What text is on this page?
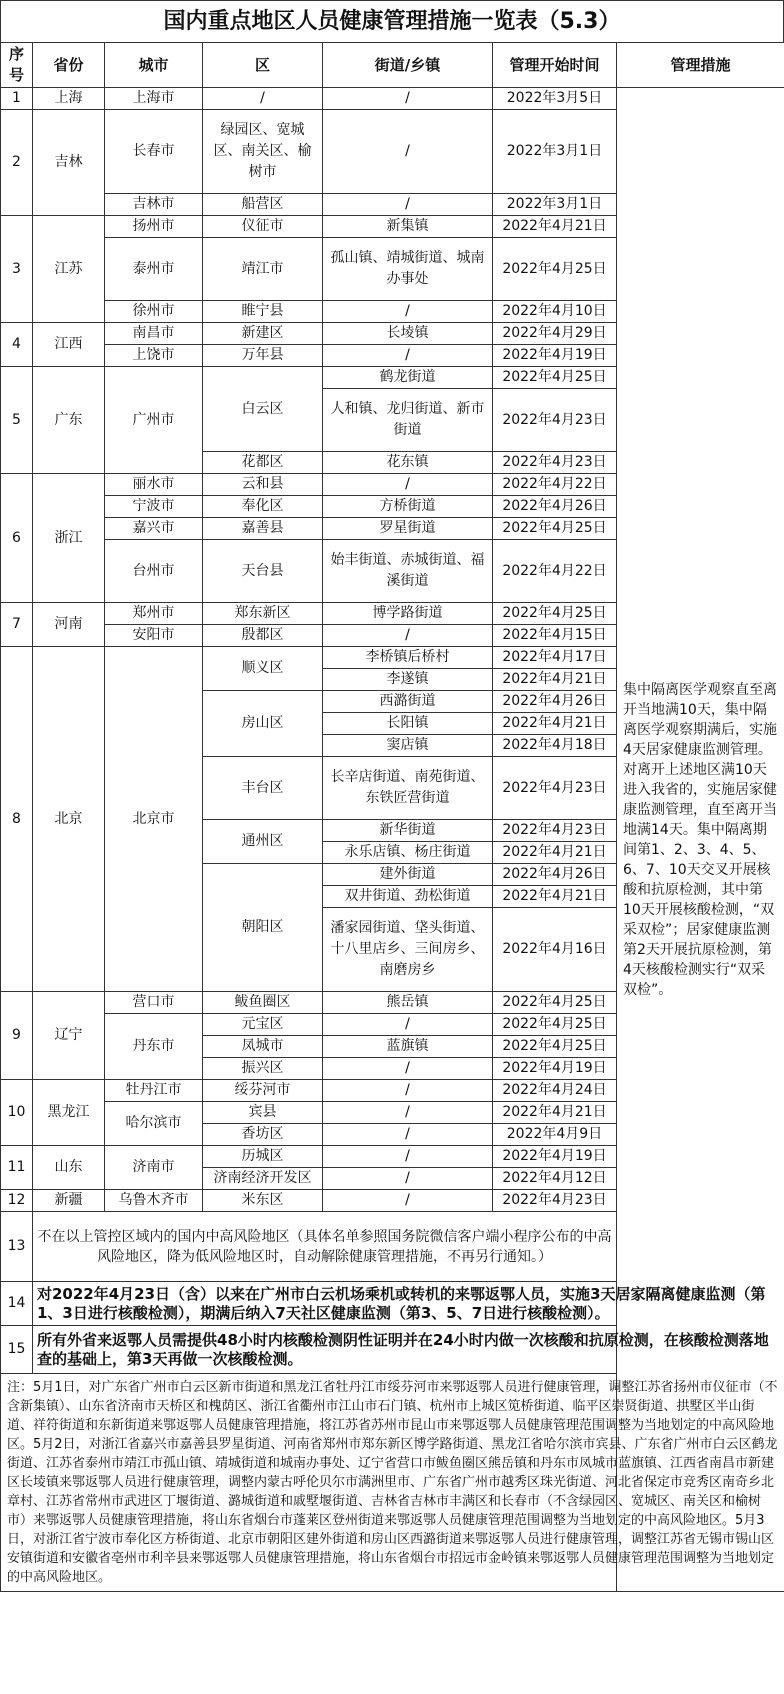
国内重点地区人员健康管理措施一览表（5.3）
序号	省份	城市	区	街道/乡镇	管理开始时间	管理措施
1	上海	上海市	/	/	2022年3月5日	集中隔离医学观察直至离开当地满10天，集中隔离医学观察期满后，实施4天居家健康监测管理。对离开上述地区满10天进入我省的，实施居家健康监测管理，直至离开当地满14天。集中隔离期间第1、2、3、4、5、6、7、10天交叉开展核酸和抗原检测，其中第10天开展核酸检测，“双采双检”；居家健康监测第2天开展抗原检测，第4天核酸检测实行“双采双检”。
2	吉林	长春市	绿园区、宽城区、南关区、榆树市	/	2022年3月1日	
		吉林市	船营区	/	2022年3月1日	
3	江苏	扬州市	仪征市	新集镇	2022年4月21日	
		泰州市	靖江市	孤山镇、靖城街道、城南办事处	2022年4月25日	
		徐州市	睢宁县	/	2022年4月10日	
4	江西	南昌市	新建区	长堎镇	2022年4月29日	
		上饶市	万年县	/	2022年4月19日	
5	广东	广州市	白云区	鹤龙街道	2022年4月25日	
				人和镇、龙归街道、新市街道	2022年4月23日	
			花都区	花东镇	2022年4月23日	
6	浙江	丽水市	云和县	/	2022年4月22日	
		宁波市	奉化区	方桥街道	2022年4月26日	
		嘉兴市	嘉善县	罗星街道	2022年4月25日	
		台州市	天台县	始丰街道、赤城街道、福溪街道	2022年4月22日	
7	河南	郑州市	郑东新区	博学路街道	2022年4月25日	
		安阳市	殷都区	/	2022年4月15日	
8	北京	北京市	顺义区	李桥镇后桥村	2022年4月17日	
				李遂镇	2022年4月21日	
			房山区	西潞街道	2022年4月26日	
				长阳镇	2022年4月21日	
				窦店镇	2022年4月18日	
			丰台区	长辛店街道、南苑街道、东铁匠营街道	2022年4月23日	
			通州区	新华街道	2022年4月23日	
				永乐店镇、杨庄街道	2022年4月21日	
			朝阳区	建外街道	2022年4月26日	
				双井街道、劲松街道	2022年4月21日	
				潘家园街道、垡头街道、十八里店乡、三间房乡、南磨房乡	2022年4月16日	
9	辽宁	营口市	鲅鱼圈区	熊岳镇	2022年4月25日	
		丹东市	元宝区	/	2022年4月25日	
			凤城市	蓝旗镇	2022年4月25日	
			振兴区	/	2022年4月19日	
10	黑龙江	牡丹江市	绥芬河市	/	2022年4月24日	
		哈尔滨市	宾县	/	2022年4月21日	
			香坊区	/	2022年4月9日	
11	山东	济南市	历城区	/	2022年4月19日	
			济南经济开发区	/	2022年4月12日	
12	新疆	乌鲁木齐市	米东区	/	2022年4月23日	
13	不在以上管控区域内的国内中高风险地区（具体名单参照国务院微信客户端小程序公布的中高风险地区，降为低风险地区时，自动解除健康管理措施，不再另行通知。）					
14	对2022年4月23日（含）以来在广州市白云机场乘机或转机的来鄂返鄂人员，实施3天居家隔离健康监测（第1、3日进行核酸检测），期满后纳入7天社区健康监测（第3、5、7日进行核酸检测）。					
15	所有外省来返鄂人员需提供48小时内核酸检测阴性证明并在24小时内做一次核酸和抗原检测，在核酸检测落地查的基础上，第3天再做一次核酸检测。					
注：5月1日，对广东省广州市白云区新市街道和黑龙江省牡丹江市绥芬河市来鄂返鄂人员进行健康管理，调整江苏省扬州市仪征市（不含新集镇）、山东省济南市天桥区和槐荫区、浙江省衢州市江山市石门镇、杭州市上城区笕桥街道、临平区崇贤街道、拱墅区半山街道、祥符街道和东新街道来鄂返鄂人员健康管理措施，将江苏省苏州市昆山市来鄂返鄂人员健康管理范围调整为当地划定的中高风险地区。5月2日，对浙江省嘉兴市嘉善县罗星街道、河南省郑州市郑东新区博学路街道、黑龙江省哈尔滨市宾县、广东省广州市白云区鹤龙街道、江苏省泰州市靖江市孤山镇、靖城街道和城南办事处、辽宁省营口市鲅鱼圈区熊岳镇和丹东市凤城市蓝旗镇、江西省南昌市新建区长堎镇来鄂返鄂人员进行健康管理，调整内蒙古呼伦贝尔市满洲里市、广东省广州市越秀区珠光街道、河北省保定市竞秀区南奇乡北章村、江苏省常州市武进区丁堰街道、潞城街道和戚墅堰街道、吉林省吉林市丰满区和长春市（不含绿园区、宽城区、南关区和榆树市）来鄂返鄂人员健康管理措施，将山东省烟台市蓬莱区登州街道来鄂返鄂人员健康管理范围调整为当地划定的中高风险地区。5月3日，对浙江省宁波市奉化区方桥街道、北京市朝阳区建外街道和房山区西潞街道来鄂返鄂人员进行健康管理，调整江苏省无锡市锡山区安镇街道和安徽省亳州市利辛县来鄂返鄂人员健康管理措施，将山东省烟台市招远市金岭镇来鄂返鄂人员健康管理范围调整为当地划定的中高风险地区。						
